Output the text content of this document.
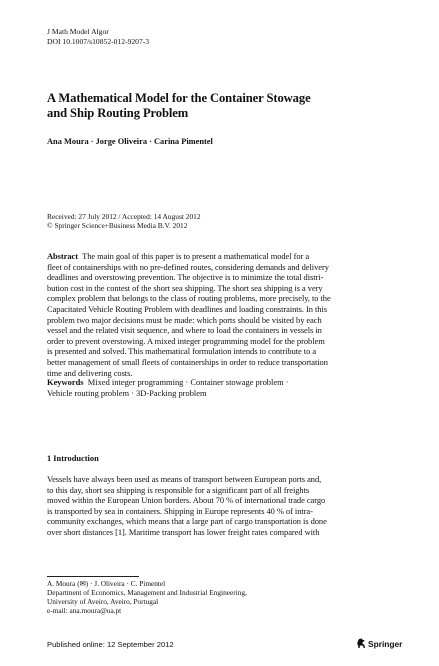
J Math Model Algor
DOI 10.1007/s10852-012-9207-3
A Mathematical Model for the Container Stowage
and Ship Routing Problem
Ana Moura · Jorge Oliveira · Carina Pimentel
Received: 27 July 2012 / Accepted: 14 August 2012
© Springer Science+Business Media B.V. 2012
Abstract The main goal of this paper is to present a mathematical model for a
fleet of containerships with no pre-defined routes, considering demands and delivery
deadlines and overstowing prevention. The objective is to minimize the total distri-
bution cost in the contest of the short sea shipping. The short sea shipping is a very
complex problem that belongs to the class of routing problems, more precisely, to the
Capacitated Vehicle Routing Problem with deadlines and loading constraints. In this
problem two major decisions must be made: which ports should be visited by each
vessel and the related visit sequence, and where to load the containers in vessels in
order to prevent overstowing. A mixed integer programming model for the problem
is presented and solved. This mathematical formulation intends to contribute to a
better management of small fleets of containerships in order to reduce transportation
time and delivering costs.
Keywords Mixed integer programming · Container stowage problem ·
Vehicle routing problem · 3D-Packing problem
1 Introduction
Vessels have always been used as means of transport between European ports and,
to this day, short sea shipping is responsible for a significant part of all freights
moved within the European Union borders. About 70 % of international trade cargo
is transported by sea in containers. Shipping in Europe represents 40 % of intra-
community exchanges, which means that a large part of cargo transportation is done
over short distances [1]. Maritime transport has lower freight rates compared with
A. Moura (✉) · J. Oliveira · C. Pimentel
Department of Economics, Management and Industrial Engineering,
University of Aveiro, Aveiro, Portugal
e-mail: ana.moura@ua.pt
Published online: 12 September 2012	Springer
